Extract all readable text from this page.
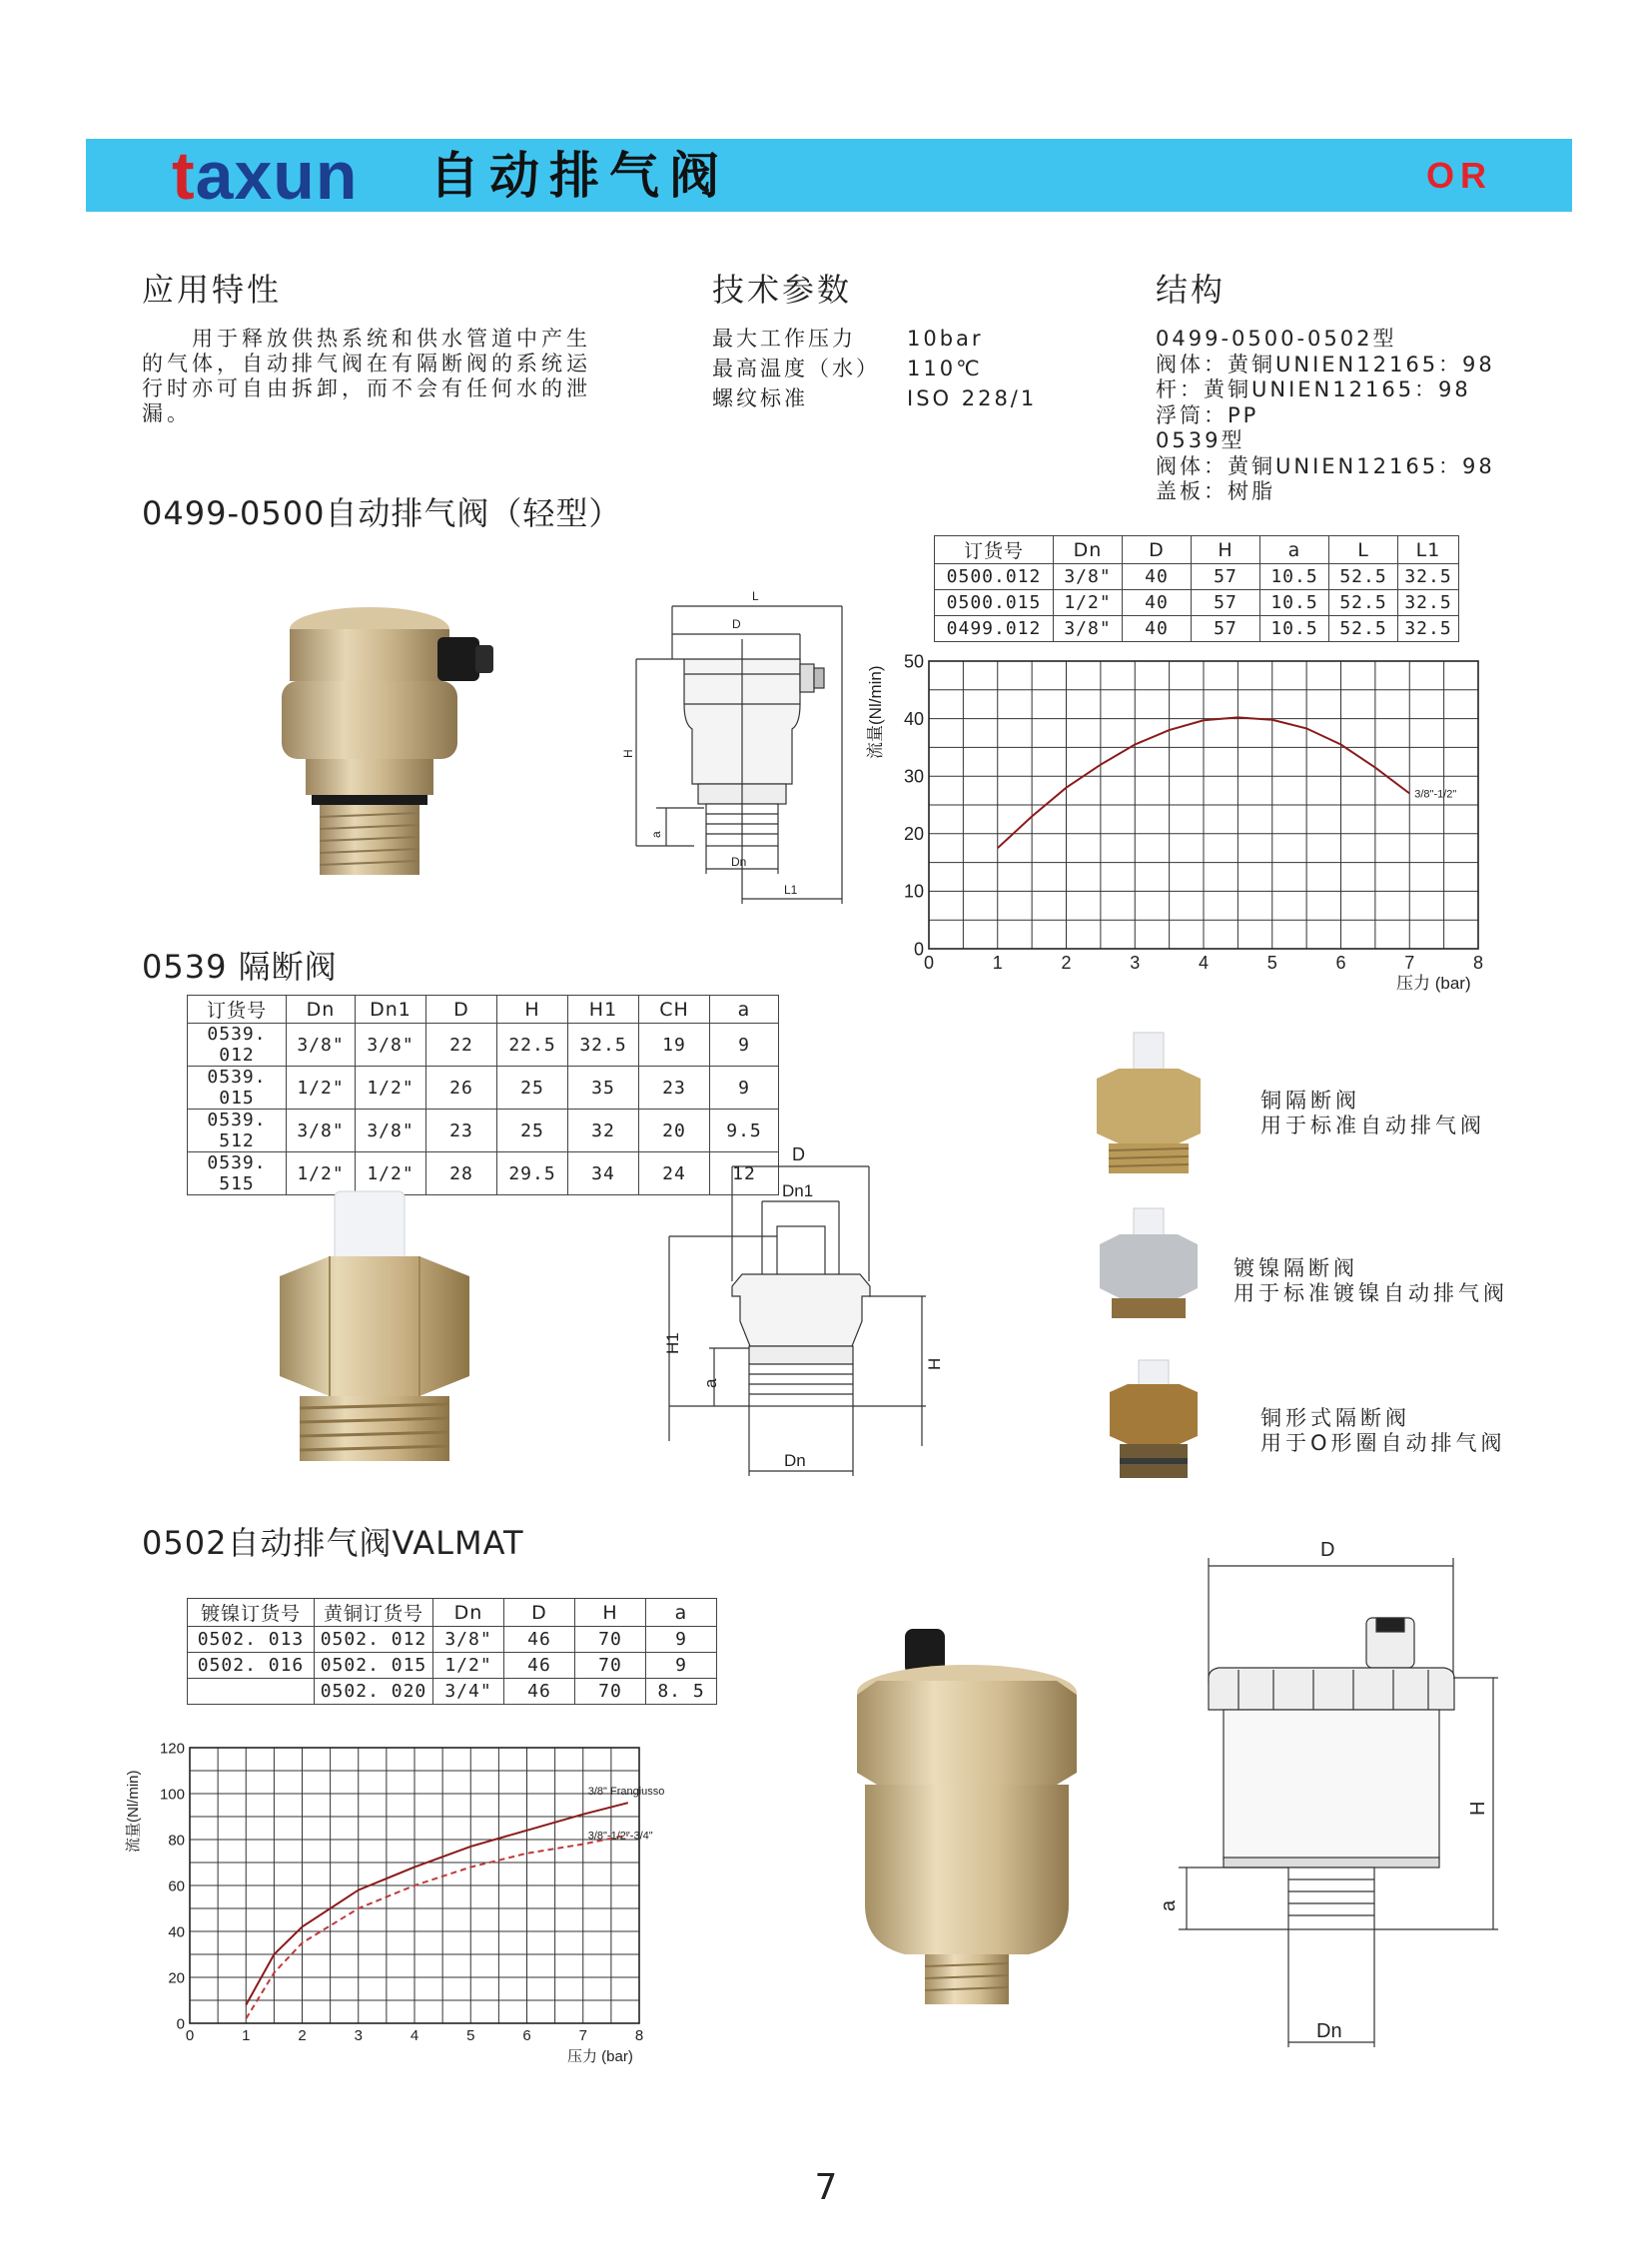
taxun 自动排气阀	OR
应用特性
　　用于释放供热系统和供水管道中产生的气体，自动排气阀在有隔断阀的系统运行时亦可自由拆卸，而不会有任何水的泄漏。
技术参数
最大工作压力 10bar
最高温度（水） 110℃
螺纹标准	ISO 228/1
结构
0499-0500-0502型
阀体：黄铜UNIEN12165：98
杆：黄铜UNIEN12165：98
浮筒：PP
0539型
阀体：黄铜UNIEN12165：98
盖板：树脂
0499-0500自动排气阀（轻型）
L
D
H
a
Dn
L1
订货号	Dn	D	H	a	L	L1
0500.012	3/8"	40	57	10.5	52.5	32.5
0500.015	1/2"	40	57	10.5	52.5	32.5
0499.012	3/8"	40	57	10.5	52.5	32.5
流量(Nl/min)
压力 (bar)
0	1	2	3	4	5	6	7	8
0
10
20
30
40
50
3/8"-1/2"
0539 隔断阀
订货号	Dn	Dn1	D	H	H1	CH	a
0539. 012	3/8"	3/8"	22	22.5	32.5	19	9
0539. 015	1/2"	1/2"	26	25	35	23	9
0539. 512	3/8"	3/8"	23	25	32	20	9.5
0539. 515	1/2"	1/2"	28	29.5	34	24	12
D
Dn1
H1
H
a
Dn
铜隔断阀
用于标准自动排气阀
镀镍隔断阀
用于标准镀镍自动排气阀
铜形式隔断阀
用于O形圈自动排气阀
0502自动排气阀VALMAT
镀镍订货号	黄铜订货号	Dn	D	H	a
0502. 013	0502. 012	3/8"	46	70	9
0502. 016	0502. 015	1/2"	46	70	9
	0502. 020	3/4"	46	70	8. 5
流量(Nl/min)
压力 (bar)
0	1	2	3	4	5	6	7	8
0
20
40
60
80
100
120
3/8" Frangiusso
3/8"-1/2"-3/4"
D
H
a
Dn
7
